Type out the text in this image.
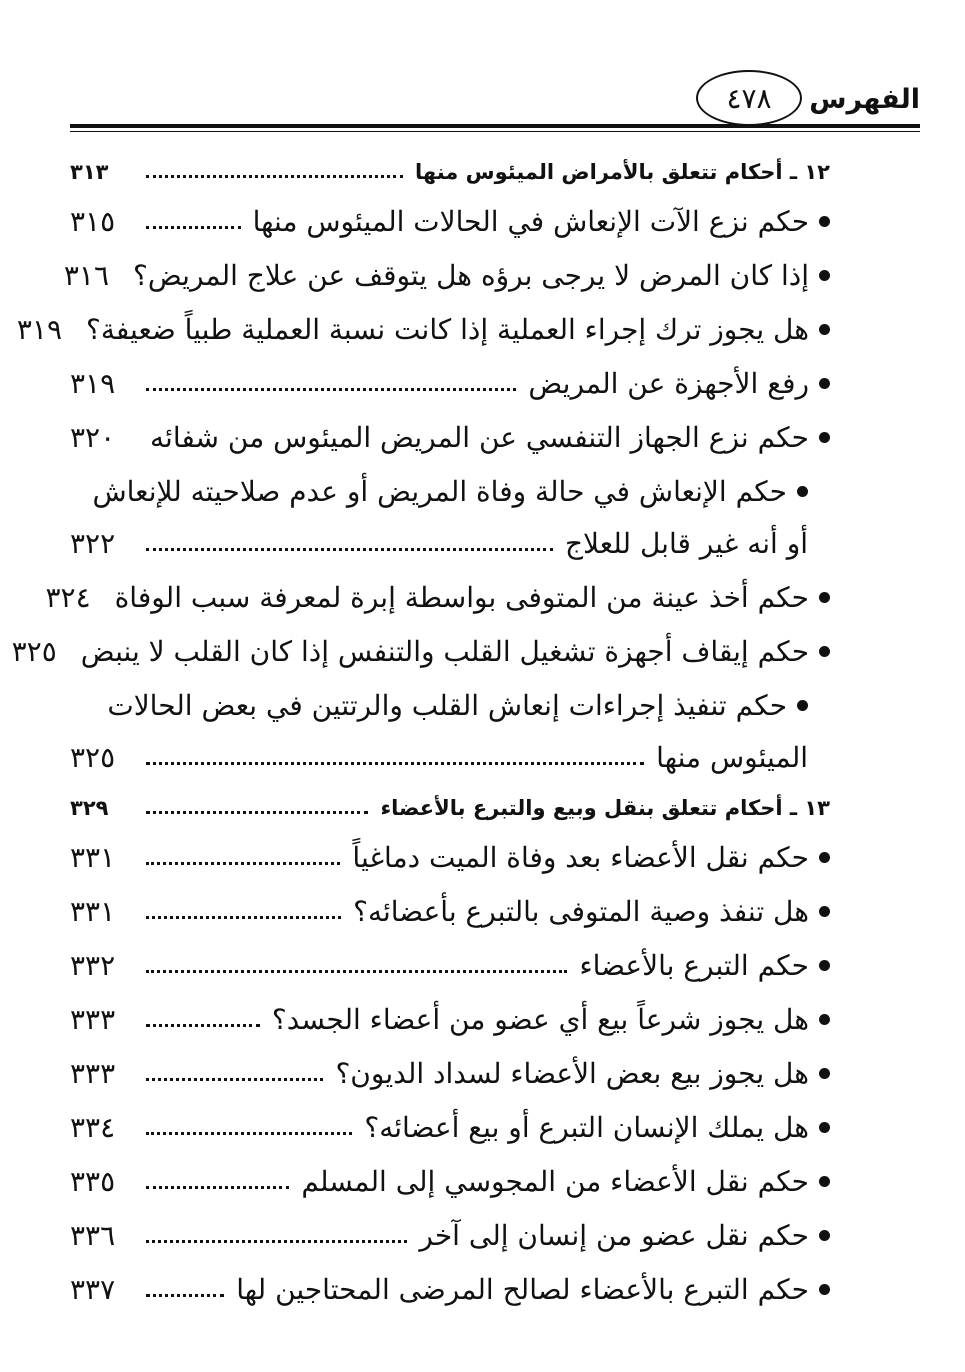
الفهرس
٤٧٨
١٢ ـ أحكام تتعلق بالأمراض الميئوس منها
٣١٣
حكم نزع الآت الإنعاش في الحالات الميئوس منها
٣١٥
إذا كان المرض لا يرجى برؤه هل يتوقف عن علاج المريض؟
٣١٦
هل يجوز ترك إجراء العملية إذا كانت نسبة العملية طبياً ضعيفة؟
٣١٩
رفع الأجهزة عن المريض
٣١٩
حكم نزع الجهاز التنفسي عن المريض الميئوس من شفائه
٣٢٠
حكم الإنعاش في حالة وفاة المريض أو عدم صلاحيته للإنعاش
أو أنه غير قابل للعلاج
٣٢٢
حكم أخذ عينة من المتوفى بواسطة إبرة لمعرفة سبب الوفاة
٣٢٤
حكم إيقاف أجهزة تشغيل القلب والتنفس إذا كان القلب لا ينبض
٣٢٥
حكم تنفيذ إجراءات إنعاش القلب والرتتين في بعض الحالات
الميئوس منها
٣٢٥
١٣ ـ أحكام تتعلق بنقل وبيع والتبرع بالأعضاء
٣٢٩
حكم نقل الأعضاء بعد وفاة الميت دماغياً
٣٣١
هل تنفذ وصية المتوفى بالتبرع بأعضائه؟
٣٣١
حكم التبرع بالأعضاء
٣٣٢
هل يجوز شرعاً بيع أي عضو من أعضاء الجسد؟
٣٣٣
هل يجوز بيع بعض الأعضاء لسداد الديون؟
٣٣٣
هل يملك الإنسان التبرع أو بيع أعضائه؟
٣٣٤
حكم نقل الأعضاء من المجوسي إلى المسلم
٣٣٥
حكم نقل عضو من إنسان إلى آخر
٣٣٦
حكم التبرع بالأعضاء لصالح المرضى المحتاجين لها
٣٣٧
